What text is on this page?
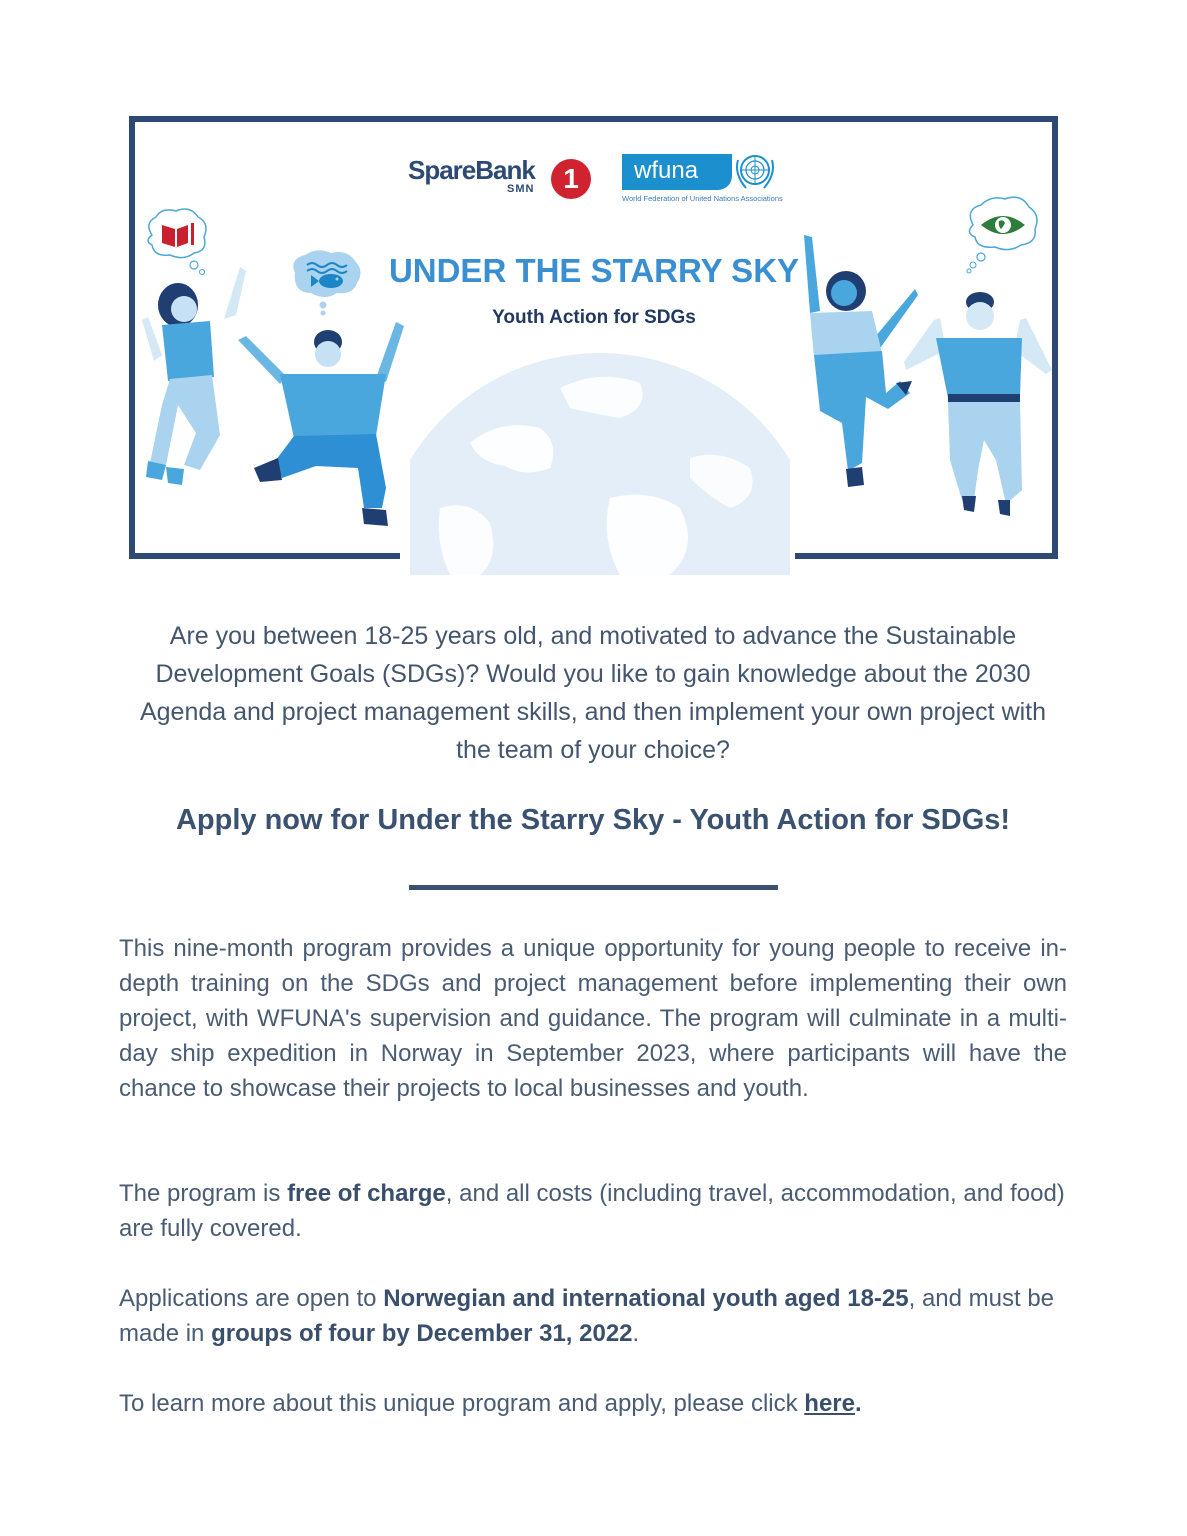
SpareBank
SMN	1	wfuna
World Federation of United Nations Associations
UNDER THE STARRY SKY
Youth Action for SDGs

Are you between 18-25 years old, and motivated to advance the Sustainable Development Goals (SDGs)? Would you like to gain knowledge about the 2030 Agenda and project management skills, and then implement your own project with the team of your choice?

Apply now for Under the Starry Sky - Youth Action for SDGs!

This nine-month program provides a unique opportunity for young people to receive in-depth training on the SDGs and project management before implementing their own project, with WFUNA's supervision and guidance. The program will culminate in a multi-day ship expedition in Norway in September 2023, where participants will have the chance to showcase their projects to local businesses and youth.

The program is free of charge, and all costs (including travel, accommodation, and food) are fully covered.

Applications are open to Norwegian and international youth aged 18-25, and must be made in groups of four by December 31, 2022.

To learn more about this unique program and apply, please click here.
